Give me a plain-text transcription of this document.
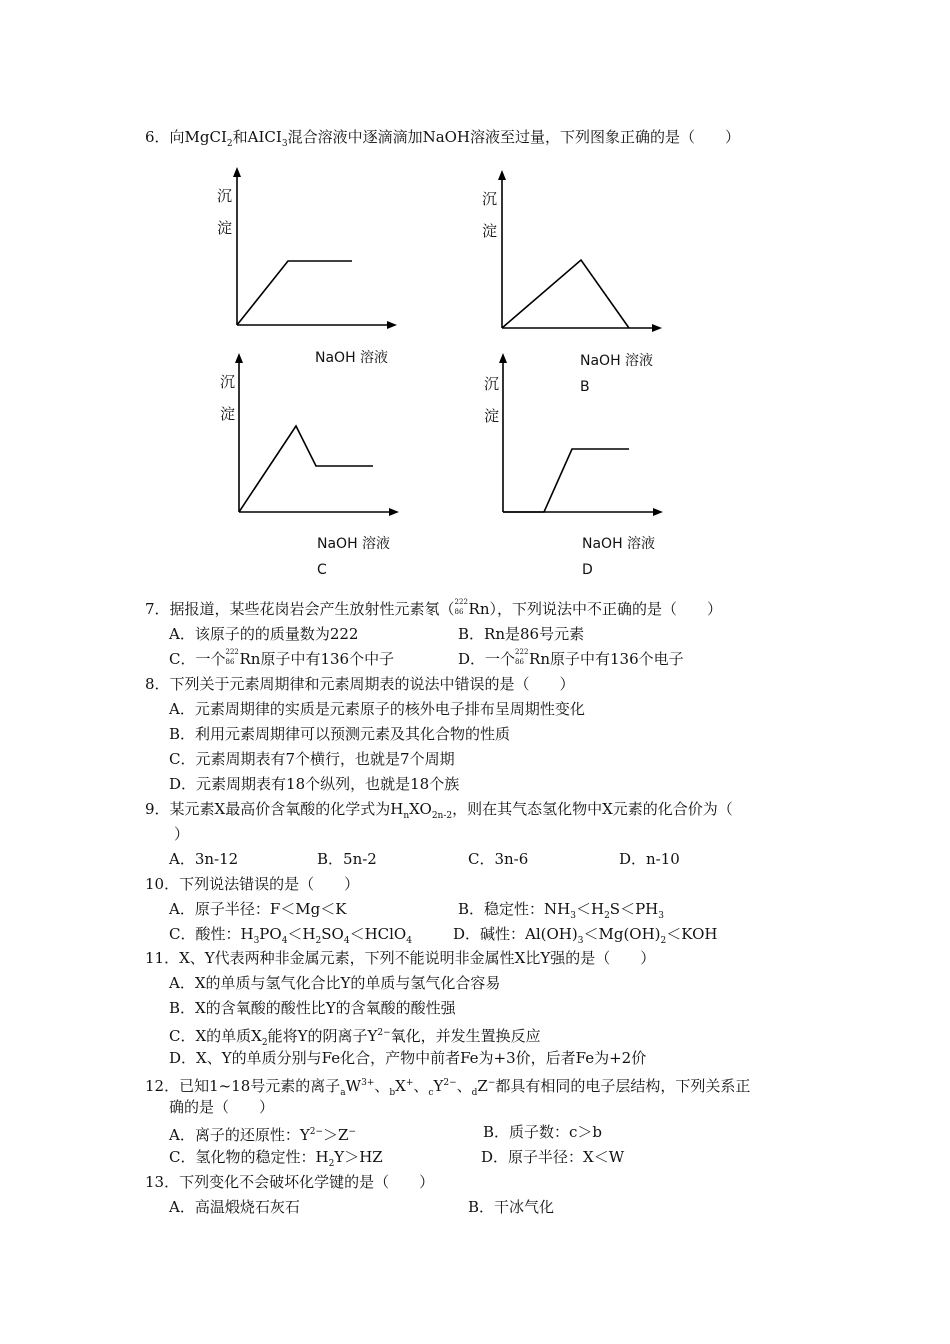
6．向MgCI$_2$和$AICI_3$混合溶液中逐滴滴加NaOH溶液至过量，下列图象正确的是（　　）
沉
淀
NaOH 溶液
沉
淀
NaOH 溶液
B
沉
淀
NaOH 溶液
C
沉
淀
NaOH 溶液
D
7．据报道，某些花岗岩会产生放射性元素氡（ 222
86 Rn），下列说法中不正确的是（　　）
A．该原子的的质量数为222	B．Rn是86号元素
C．一个 222
86 Rn原子中有136个中子	D．一个 222
86 Rn原子中有136个电子
8．下列关于元素周期律和元素周期表的说法中错误的是（　　）
A．元素周期律的实质是元素原子的核外电子排布呈周期性变化
B．利用元素周期律可以预测元素及其化合物的性质
C．元素周期表有7个横行，也就是7个周期
D．元素周期表有18个纵列，也就是18个族
9．某元素X最高价含氧酸的化学式为$H_nXO_{2n-2}$，则在其气态氢化物中X元素的化合价为（
）
A．3n-12	B．5n-2	C．3n-6	D．n-10
10．下列说法错误的是（　　）
A．原子半径：F＜Mg＜K	B．稳定性：$NH_3<H_2S<PH_3$
C．酸性：$H_3PO_4<H_2SO_4<HClO_4$	D．碱性：$Al(OH)_3<Mg(OH)_2<KOH$
11．X、Y代表两种非金属元素，下列不能说明非金属性X比Y强的是（　　）
A．X的单质与氢气化合比Y的单质与氢气化合容易
B．X的含氧酸的酸性比Y的含氧酸的酸性强
C．X的单质$X_2$能将Y的阴离子$Y^{2-}$氧化，并发生置换反应
D．X、Y的单质分别与Fe化合，产物中前者Fe为+3价，后者Fe为+2价
12．已知1~18号元素的离子$_aW^{3+}$、$_b$X+、$_cY^{2-}$、$_d$Z−都具有相同的电子层结构，下列关系正
确的是（　　）
A．离子的还原性：$Y^{2-}>Z^-$	B．质子数：c＞b
C．氢化物的稳定性：$H_2Y>HZ$	D．原子半径：X＜W
13．下列变化不会破坏化学键的是（　　）
A．高温煅烧石灰石	B．干冰气化
